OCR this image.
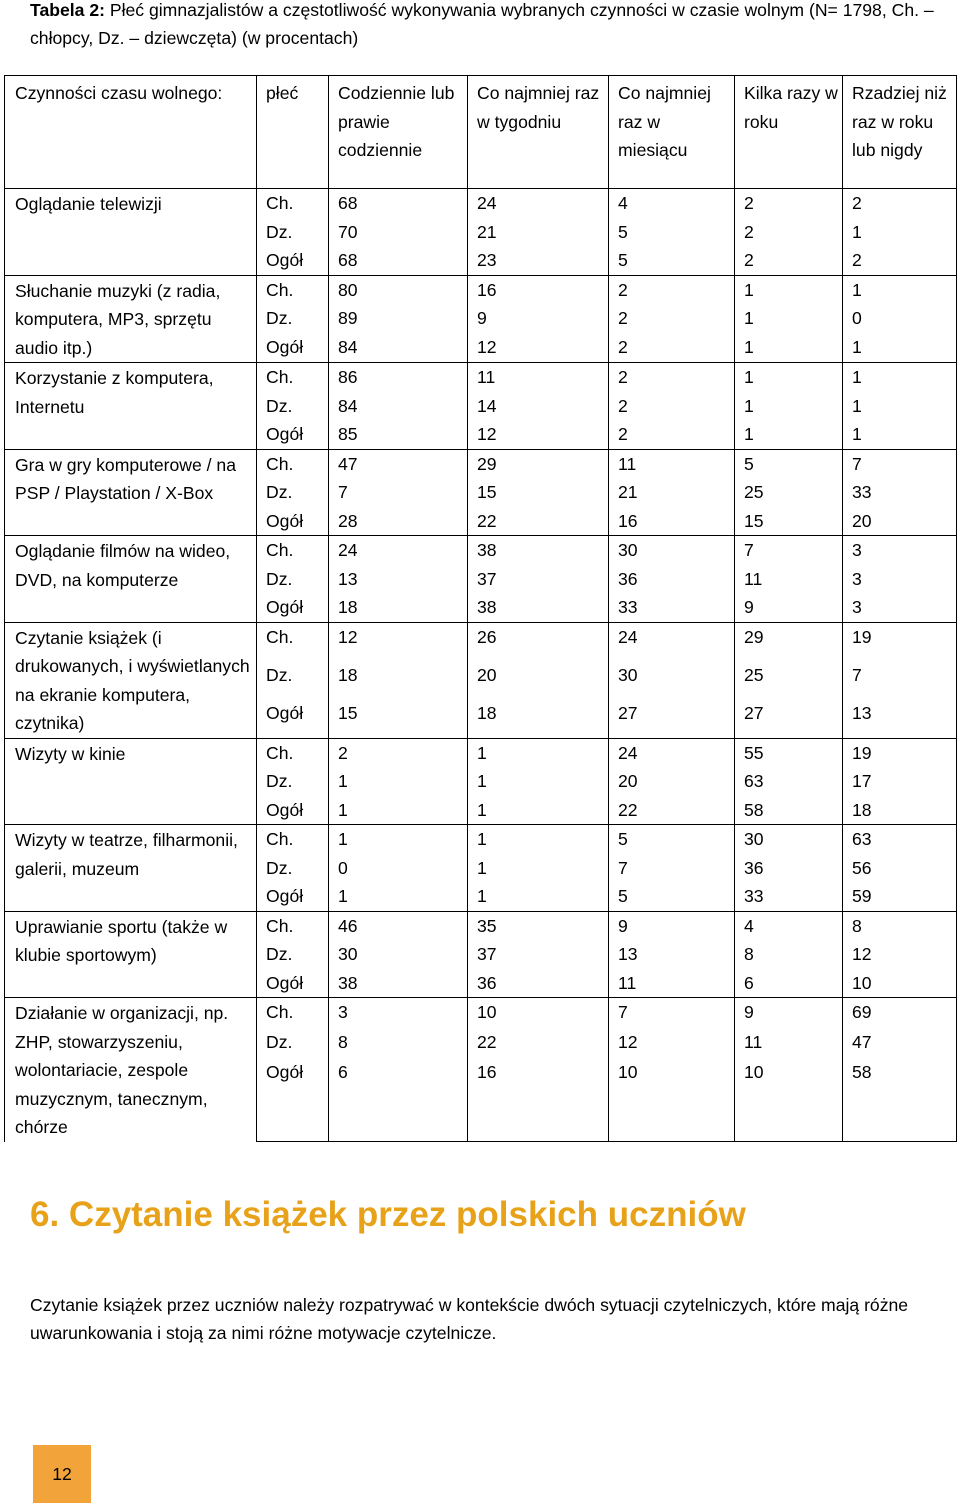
Tabela 2: Płeć gimnazjalistów a częstotliwość wykonywania wybranych czynności w czasie wolnym (N= 1798, Ch. – chłopcy, Dz. – dziewczęta) (w procentach)
Czynności czasu wolnego:	płeć	Codziennie lub prawie codziennie	Co najmniej raz w tygodniu	Co najmniej raz w miesiącu	Kilka razy w roku	Rzadziej niż raz w roku lub nigdy
Oglądanie telewizji	Ch.	68	24	4	2	2
	Dz.	70	21	5	2	1
	Ogół	68	23	5	2	2
Słuchanie muzyki (z radia, komputera, MP3, sprzętu audio itp.)	Ch.	80	16	2	1	1
	Dz.	89	9	2	1	0
	Ogół	84	12	2	1	1
Korzystanie z komputera, Internetu	Ch.	86	11	2	1	1
	Dz.	84	14	2	1	1
	Ogół	85	12	2	1	1
Gra w gry komputerowe / na PSP / Playstation / X-Box	Ch.	47	29	11	5	7
	Dz.	7	15	21	25	33
	Ogół	28	22	16	15	20
Oglądanie filmów na wideo, DVD, na komputerze	Ch.	24	38	30	7	3
	Dz.	13	37	36	11	3
	Ogół	18	38	33	9	3
Czytanie książek (i drukowanych, i wyświetlanych na ekranie komputera, czytnika)	Ch.	12	26	24	29	19
	Dz.	18	20	30	25	7
	Ogół	15	18	27	27	13
Wizyty w kinie	Ch.	2	1	24	55	19
	Dz.	1	1	20	63	17
	Ogół	1	1	22	58	18
Wizyty w teatrze, filharmonii, galerii, muzeum	Ch.	1	1	5	30	63
	Dz.	0	1	7	36	56
	Ogół	1	1	5	33	59
Uprawianie sportu (także w klubie sportowym)	Ch.	46	35	9	4	8
	Dz.	30	37	13	8	12
	Ogół	38	36	11	6	10
Działanie w organizacji, np. ZHP, stowarzyszeniu, wolontariacie, zespole muzycznym, tanecznym, chórze	Ch.	3	10	7	9	69
	Dz.	8	22	12	11	47
	Ogół	6	16	10	10	58
6. Czytanie książek przez polskich uczniów
Czytanie książek przez uczniów należy rozpatrywać w kontekście dwóch sytuacji czytelniczych, które mają różne uwarunkowania i stoją za nimi różne motywacje czytelnicze.
12
